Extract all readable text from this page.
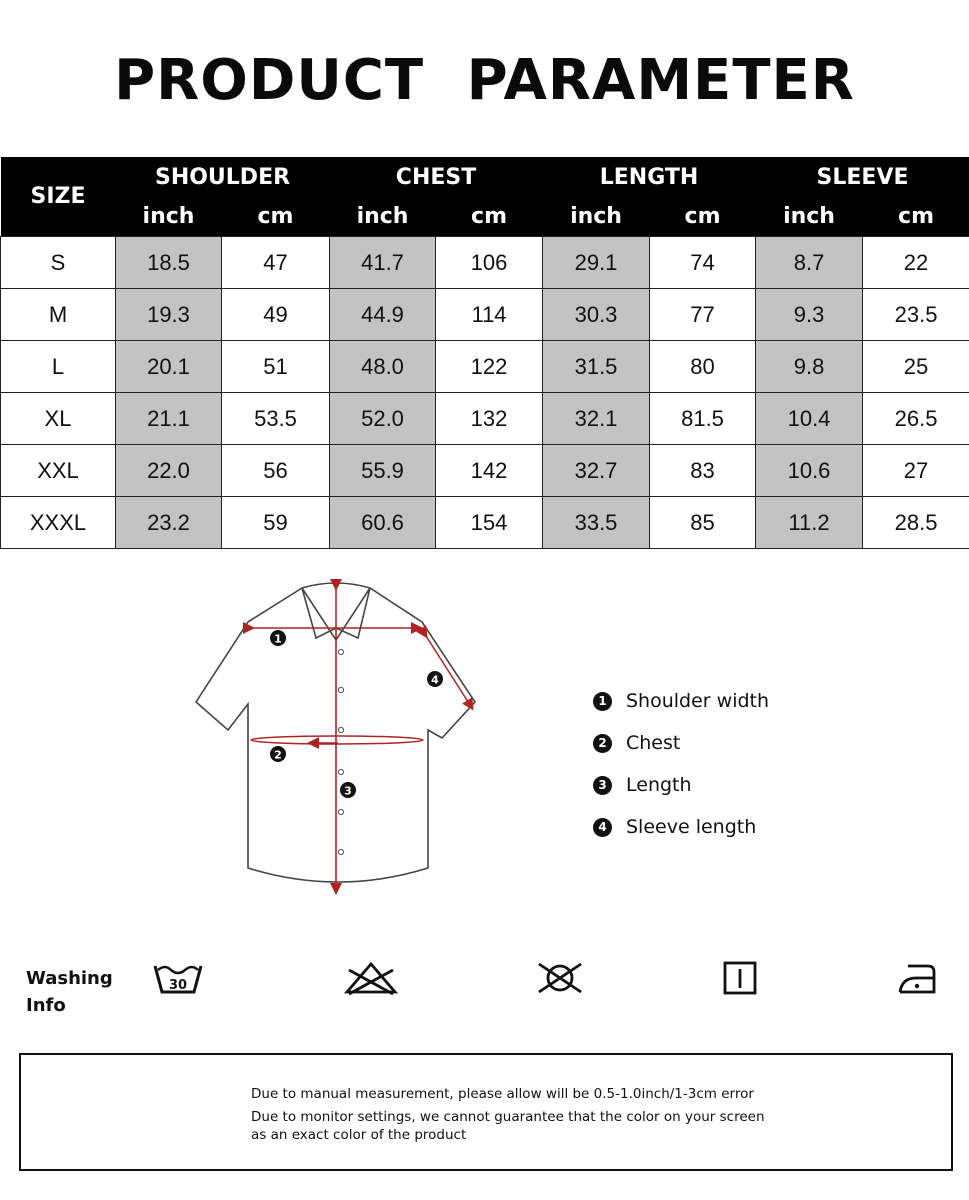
PRODUCT PARAMETER
SIZE	SHOULDER		CHEST		LENGTH		SLEEVE	
	inch	cm	inch	cm	inch	cm	inch	cm
S	18.5	47	41.7	106	29.1	74	8.7	22
M	19.3	49	44.9	114	30.3	77	9.3	23.5
L	20.1	51	48.0	122	31.5	80	9.8	25
XL	21.1	53.5	52.0	132	32.1	81.5	10.4	26.5
XXL	22.0	56	55.9	142	32.7	83	10.6	27
XXXL	23.2	59	60.6	154	33.5	85	11.2	28.5
1
2
3
4
1 Shoulder width
2 Chest
3 Length
4 Sleeve length
Washing
Info
30
Due to manual measurement, please allow will be 0.5-1.0inch/1-3cm error
Due to monitor settings, we cannot guarantee that the color on your screen
as an exact color of the product
